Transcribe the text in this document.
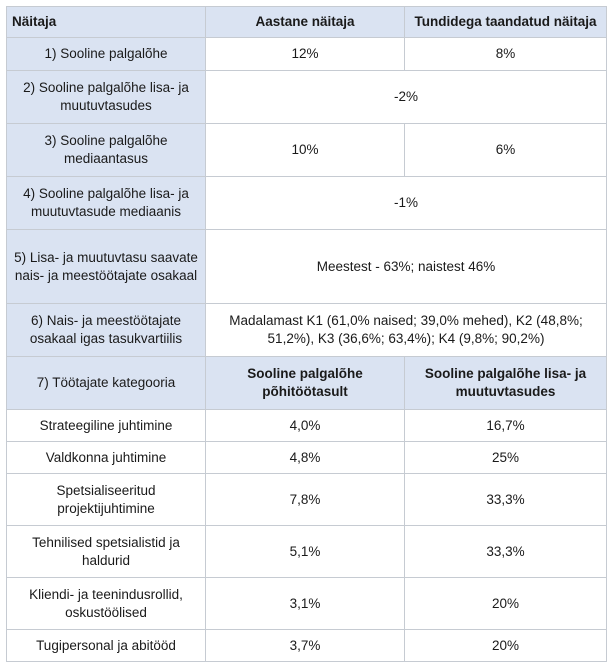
Näitaja	Aastane näitaja	Tundidega taandatud näitaja
1) Sooline palgalõhe	12%	8%
2) Sooline palgalõhe lisa- ja muutuvtasudes	-2%	
3) Sooline palgalõhe mediaantasus	10%	6%
4) Sooline palgalõhe lisa- ja muutuvtasude mediaanis	-1%	
5) Lisa- ja muutuvtasu saavate nais- ja meestöötajate osakaal	Meestest - 63%; naistest 46%	
6) Nais- ja meestöötajate osakaal igas tasukvartiilis	Madalamast K1 (61,0% naised; 39,0% mehed), K2 (48,8%; 51,2%), K3 (36,6%; 63,4%); K4 (9,8%; 90,2%)	
7) Töötajate kategooria	Sooline palgalõhe põhitöötasult	Sooline palgalõhe lisa- ja muutuvtasudes
Strateegiline juhtimine	4,0%	16,7%
Valdkonna juhtimine	4,8%	25%
Spetsialiseeritud projektijuhtimine	7,8%	33,3%
Tehnilised spetsialistid ja haldurid	5,1%	33,3%
Kliendi- ja teenindusrollid, oskustöölised	3,1%	20%
Tugipersonal ja abitööd	3,7%	20%
